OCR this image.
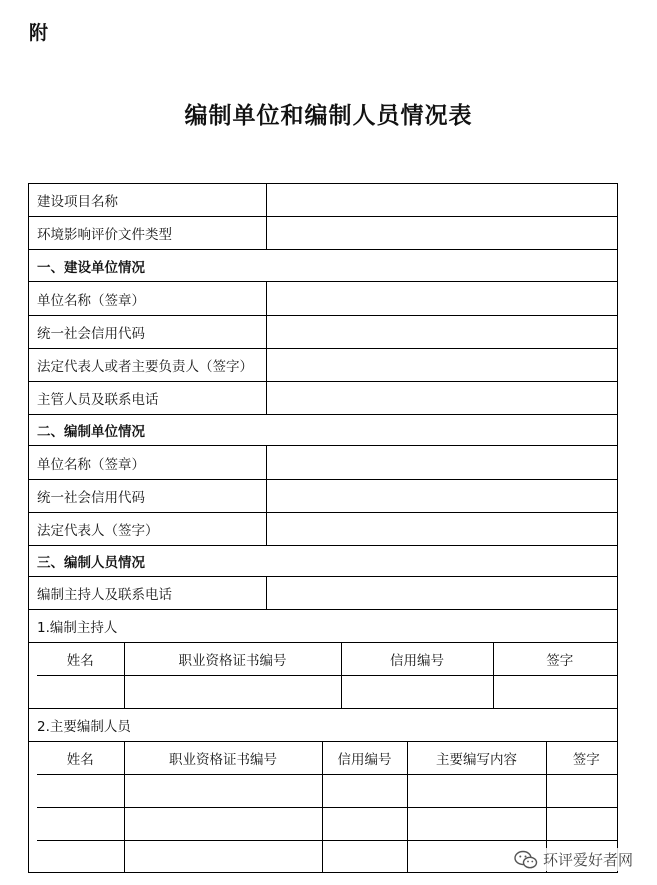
附
编制单位和编制人员情况表
建设项目名称	
环境影响评价文件类型	
一、建设单位情况
单位名称（签章）	
统一社会信用代码	
法定代表人或者主要负责人（签字）	
主管人员及联系电话	
二、编制单位情况
单位名称（签章）	
统一社会信用代码	
法定代表人（签字）	
三、编制人员情况
编制主持人及联系电话	
1.编制主持人

姓名	职业资格证书编号	信用编号	签字

2.主要编制人员

姓名	职业资格证书编号	信用编号	主要编写内容	签字

环评爱好者网
